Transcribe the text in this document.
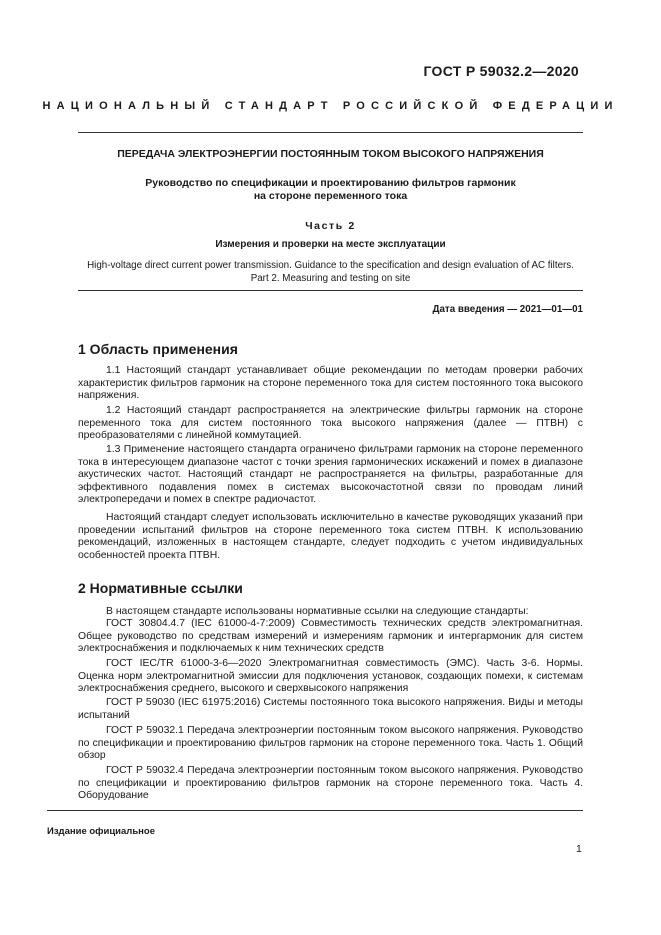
ГОСТ Р 59032.2—2020
НАЦИОНАЛЬНЫЙ СТАНДАРТ РОССИЙСКОЙ ФЕДЕРАЦИИ
ПЕРЕДАЧА ЭЛЕКТРОЭНЕРГИИ ПОСТОЯННЫМ ТОКОМ ВЫСОКОГО НАПРЯЖЕНИЯ
Руководство по спецификации и проектированию фильтров гармоник
на стороне переменного тока
Часть 2
Измерения и проверки на месте эксплуатации
High-voltage direct current power transmission. Guidance to the specification and design evaluation of AC filters.
Part 2. Measuring and testing on site
Дата введения — 2021—01—01
1 Область применения
1.1 Настоящий стандарт устанавливает общие рекомендации по методам проверки рабочих характеристик фильтров гармоник на стороне переменного тока для систем постоянного тока высокого напряжения.
1.2 Настоящий стандарт распространяется на электрические фильтры гармоник на стороне переменного тока для систем постоянного тока высокого напряжения (далее — ПТВН) с преобразователями с линейной коммутацией.
1.3 Применение настоящего стандарта ограничено фильтрами гармоник на стороне переменного тока в интересующем диапазоне частот с точки зрения гармонических искажений и помех в диапазоне акустических частот. Настоящий стандарт не распространяется на фильтры, разработанные для эффективного подавления помех в системах высокочастотной связи по проводам линий электропередачи и помех в спектре радиочастот.
Настоящий стандарт следует использовать исключительно в качестве руководящих указаний при проведении испытаний фильтров на стороне переменного тока систем ПТВН. К использованию рекомендаций, изложенных в настоящем стандарте, следует подходить с учетом индивидуальных особенностей проекта ПТВН.
2 Нормативные ссылки
В настоящем стандарте использованы нормативные ссылки на следующие стандарты:
ГОСТ 30804.4.7 (IEC 61000-4-7:2009) Совместимость технических средств электромагнитная. Общее руководство по средствам измерений и измерениям гармоник и интергармоник для систем электроснабжения и подключаемых к ним технических средств
ГОСТ IEC/TR 61000-3-6—2020 Электромагнитная совместимость (ЭМС). Часть 3-6. Нормы. Оценка норм электромагнитной эмиссии для подключения установок, создающих помехи, к системам электроснабжения среднего, высокого и сверхвысокого напряжения
ГОСТ Р 59030 (IEC 61975:2016) Системы постоянного тока высокого напряжения. Виды и методы испытаний
ГОСТ Р 59032.1 Передача электроэнергии постоянным током высокого напряжения. Руководство по спецификации и проектированию фильтров гармоник на стороне переменного тока. Часть 1. Общий обзор
ГОСТ Р 59032.4 Передача электроэнергии постоянным током высокого напряжения. Руководство по спецификации и проектированию фильтров гармоник на стороне переменного тока. Часть 4. Оборудование
Издание официальное
1
